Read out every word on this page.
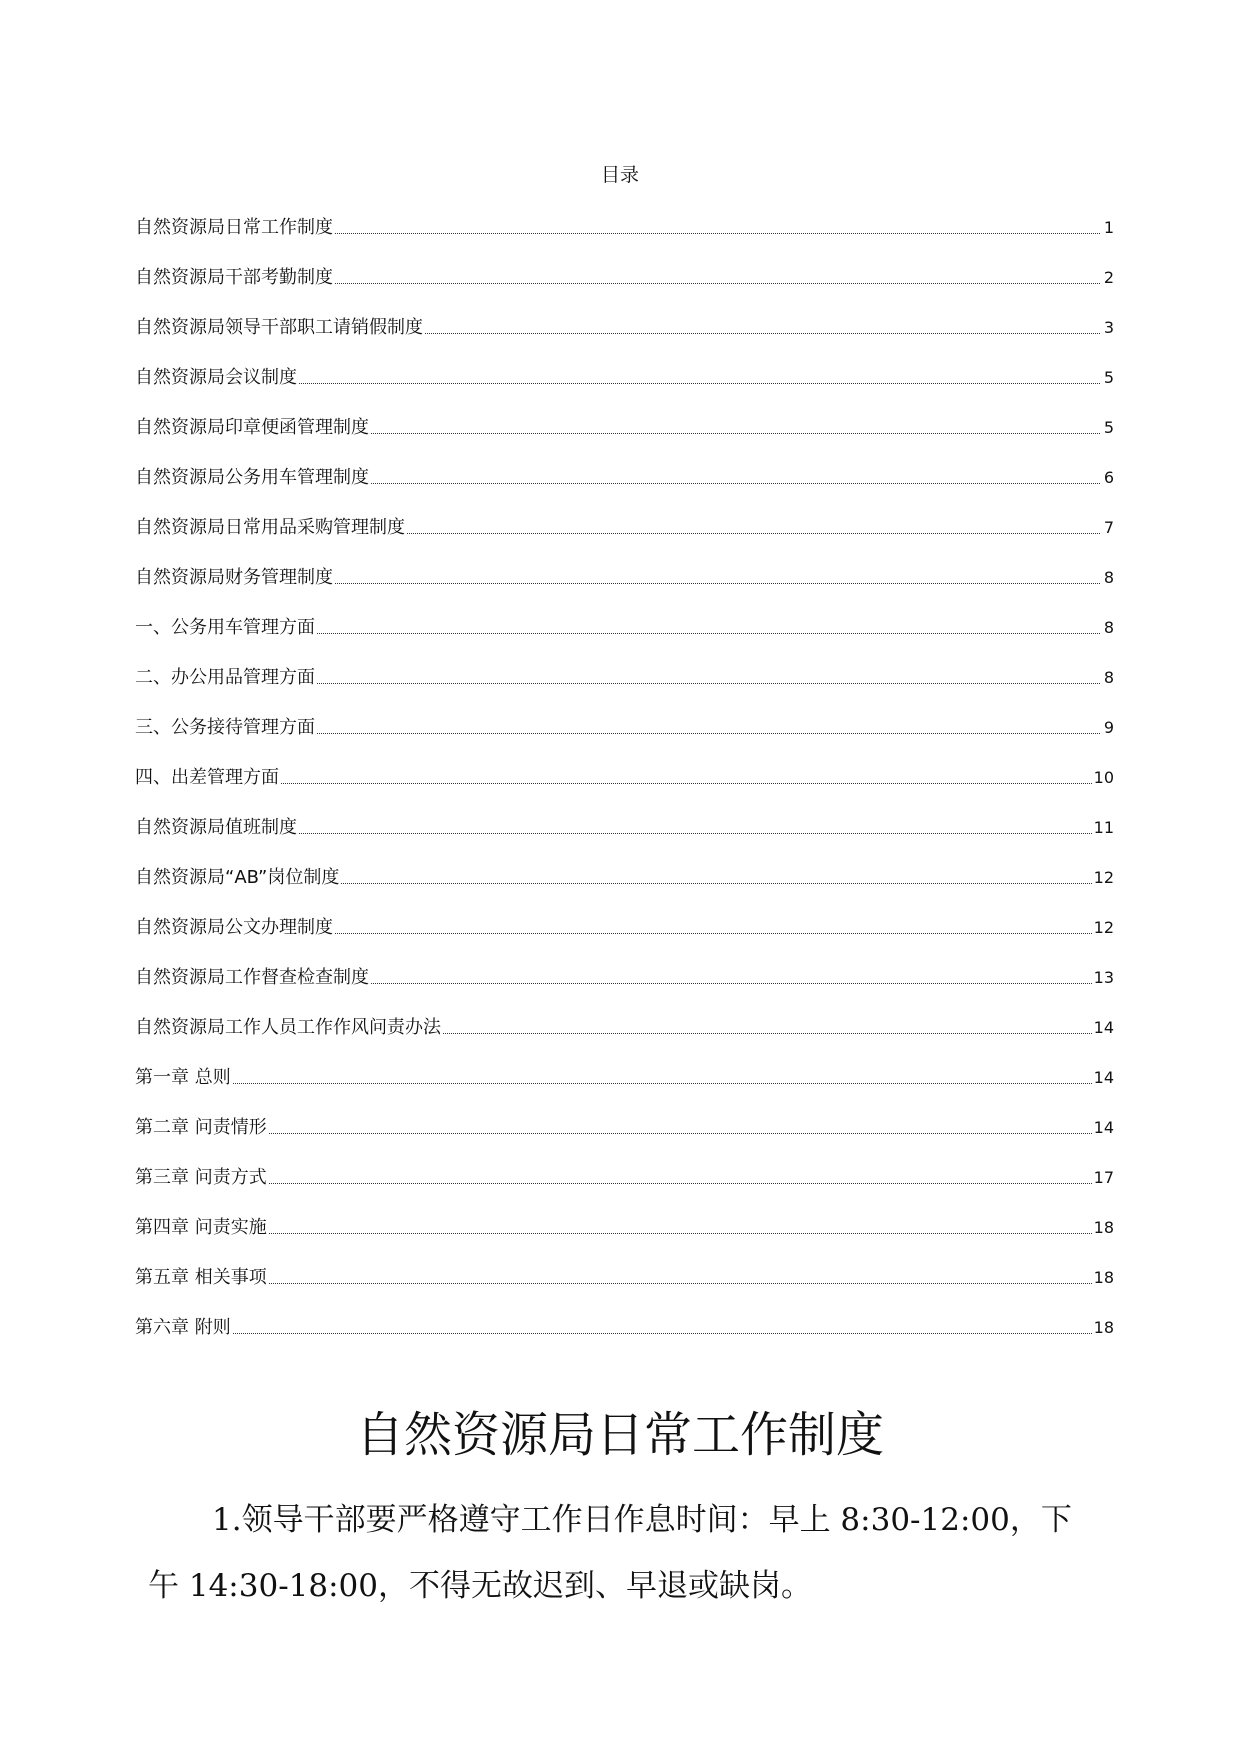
目录
自然资源局日常工作制度	1
自然资源局干部考勤制度	2
自然资源局领导干部职工请销假制度	3
自然资源局会议制度	5
自然资源局印章便函管理制度	5
自然资源局公务用车管理制度	6
自然资源局日常用品采购管理制度	7
自然资源局财务管理制度	8
一、公务用车管理方面	8
二、办公用品管理方面	8
三、公务接待管理方面	9
四、出差管理方面	10
自然资源局值班制度	11
自然资源局“AB”岗位制度	12
自然资源局公文办理制度	12
自然资源局工作督查检查制度	13
自然资源局工作人员工作作风问责办法	14
第一章 总则	14
第二章 问责情形	14
第三章 问责方式	17
第四章 问责实施	18
第五章 相关事项	18
第六章 附则	18
自然资源局日常工作制度

1.领导干部要严格遵守工作日作息时间：早上 8:30-12:00，下午 14:30-18:00，不得无故迟到、早退或缺岗。
